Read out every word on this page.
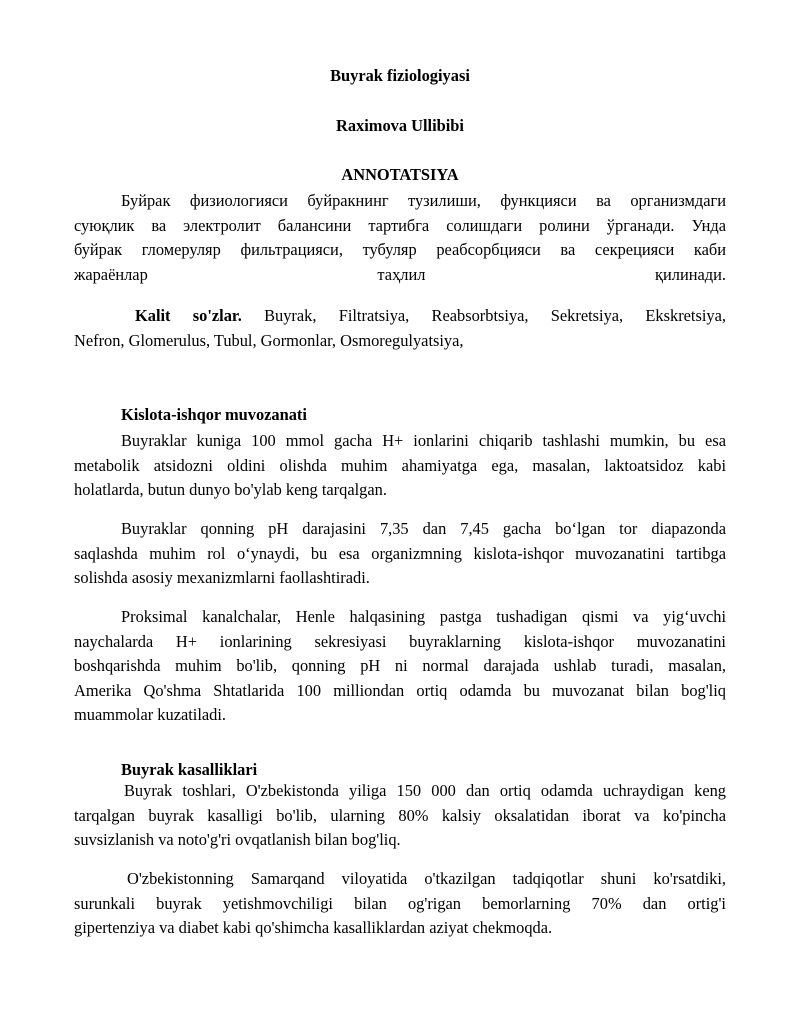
Buyrak fiziologiyasi
Raximova Ullibibi
ANNOTATSIYA
Буйрак физиологияси буйракнинг тузилиши, функцияси ва организмдаги
суюқлик ва электролит балансини тартибга солишдаги ролини ўрганади. Унда
буйрак гломеруляр фильтрацияси, тубуляр реабсорбцияси ва секрецияси каби
жараёнлар                                  таҳлил                                  қилинади.
Kalit so'zlar. Buyrak, Filtratsiya, Reabsorbtsiya, Sekretsiya, Ekskretsiya,
Nefron, Glomerulus, Tubul, Gormonlar, Osmoregulyatsiya,
Kislota-ishqor muvozanati
Buyraklar kuniga 100 mmol gacha H+ ionlarini chiqarib tashlashi mumkin, bu esa
metabolik atsidozni oldini olishda muhim ahamiyatga ega, masalan, laktoatsidoz kabi
holatlarda, butun dunyo bo'ylab keng tarqalgan.
Buyraklar qonning pH darajasini 7,35 dan 7,45 gacha bo‘lgan tor diapazonda
saqlashda muhim rol o‘ynaydi, bu esa organizmning kislota-ishqor muvozanatini tartibga
solishda asosiy mexanizmlarni faollashtiradi.
Proksimal kanalchalar, Henle halqasining pastga tushadigan qismi va yig‘uvchi
naychalarda H+ ionlarining sekresiyasi buyraklarning kislota-ishqor muvozanatini
boshqarishda muhim bo'lib, qonning pH ni normal darajada ushlab turadi, masalan,
Amerika Qo'shma Shtatlarida 100 milliondan ortiq odamda bu muvozanat bilan bog'liq
muammolar kuzatiladi.
Buyrak kasalliklari
Buyrak toshlari, O'zbekistonda yiliga 150 000 dan ortiq odamda uchraydigan keng
tarqalgan buyrak kasalligi bo'lib, ularning 80% kalsiy oksalatidan iborat va ko'pincha
suvsizlanish va noto'g'ri ovqatlanish bilan bog'liq.
O'zbekistonning Samarqand viloyatida o'tkazilgan tadqiqotlar shuni ko'rsatdiki,
surunkali buyrak yetishmovchiligi bilan og'rigan bemorlarning 70% dan ortig'i
gipertenziya va diabet kabi qo'shimcha kasalliklardan aziyat chekmoqda.
